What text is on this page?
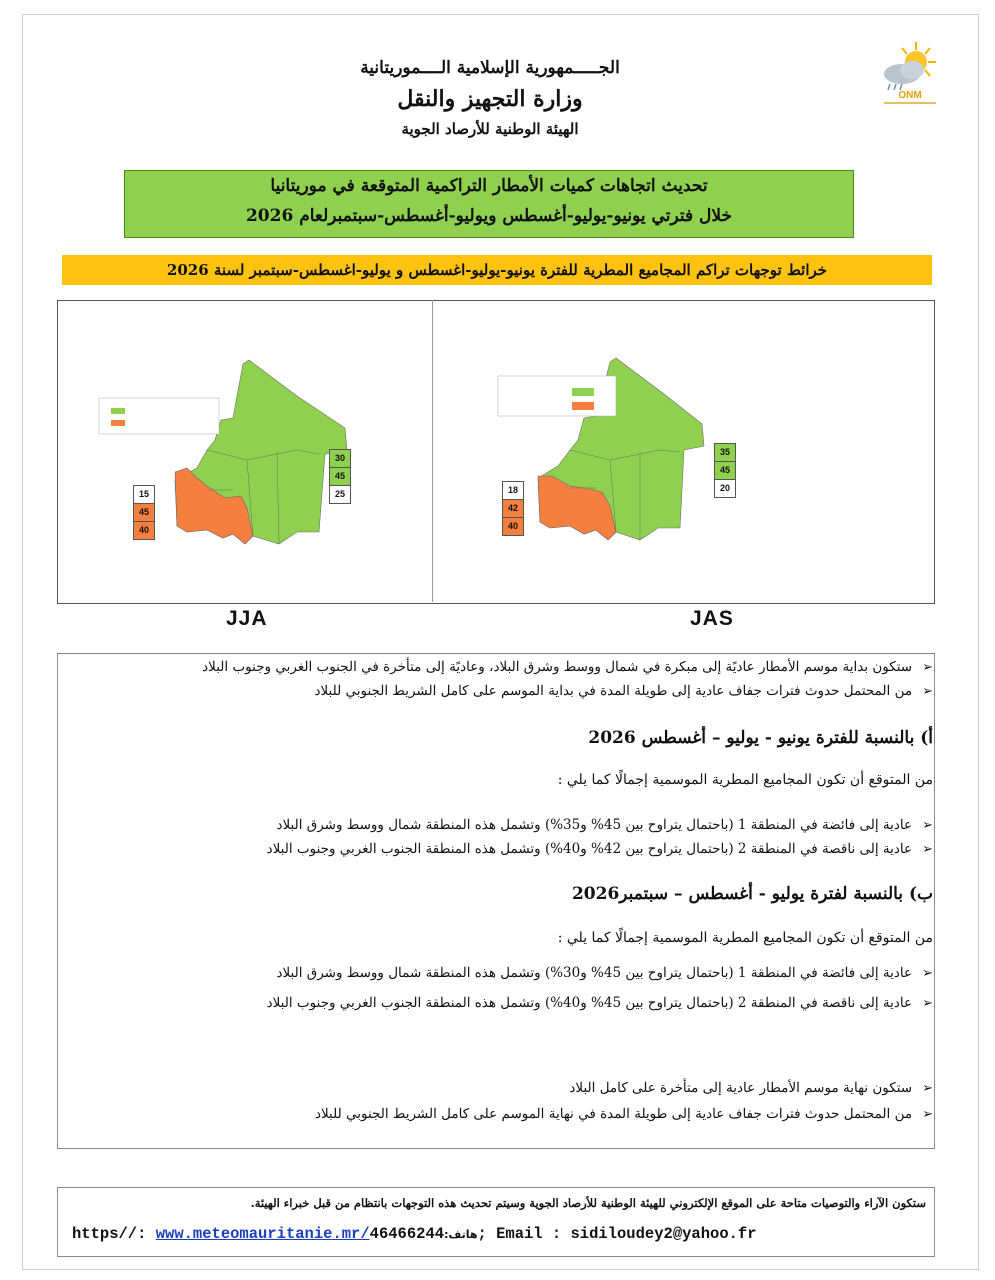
ONM
الجـــــمهورية الإسلامية الــــموريتانية
وزارة التجهيز والنقل
الهيئة الوطنية للأرصاد الجوية
تحديث اتجاهات كميات الأمطار التراكمية المتوقعة في موريتانيا
خلال فترتي يونيو-يوليو-أغسطس ويوليو-أغسطس-سبتمبرلعام 2026
خرائط توجهات تراكم المجاميع المطرية للفترة يونيو-يوليو-اغسطس و يوليو-اغسطس-سبتمبر لسنة 2026
30
45
25
15
45
40
35
45
20
18
42
40
JJA	JAS
➢ستكون بداية موسم الأمطار عاديًة إلى مبكرة في شمال ووسط وشرق البلاد، وعاديًة إلى متأخرة في الجنوب الغربي وجنوب البلاد
➢من المحتمل حدوث فترات جفاف عادية إلى طويلة المدة في بداية الموسم على كامل الشريط الجنوبي للبلاد
أ) بالنسبة للفترة يونيو - يوليو – أغسطس 2026
من المتوقع أن تكون المجاميع المطرية الموسمية إجمالًا كما يلي :
➢عادية إلى فائضة في المنطقة 1 (باحتمال يتراوح بين 45% و35%) وتشمل هذه المنطقة شمال ووسط وشرق البلاد
➢عادية إلى ناقصة في المنطقة 2 (باحتمال يتراوح بين 42% و40%) وتشمل هذه المنطقة الجنوب الغربي وجنوب البلاد
ب) بالنسبة لفترة يوليو - أغسطس – سبتمبر2026
من المتوقع أن تكون المجاميع المطرية الموسمية إجمالًا كما يلي :
➢عادية إلى فائضة في المنطقة 1 (باحتمال يتراوح بين 45% و30%) وتشمل هذه المنطقة شمال ووسط وشرق البلاد
➢عادية إلى ناقصة في المنطقة 2 (باحتمال يتراوح بين 45% و40%) وتشمل هذه المنطقة الجنوب الغربي وجنوب البلاد
➢ستكون نهاية موسم الأمطار عادية إلى متأخرة على كامل البلاد
➢من المحتمل حدوث فترات جفاف عادية إلى طويلة المدة في نهاية الموسم على كامل الشريط الجنوبي للبلاد
ستكون الآراء والتوصيات متاحة على الموقع الإلكتروني للهيئة الوطنية للأرصاد الجوية وسيتم تحديث هذه التوجهات بانتظام من قبل خبراء الهيئة.
https//: www.meteomauritanie.mr/46466244:هاتف; Email : sidiloudey2@yahoo.fr
